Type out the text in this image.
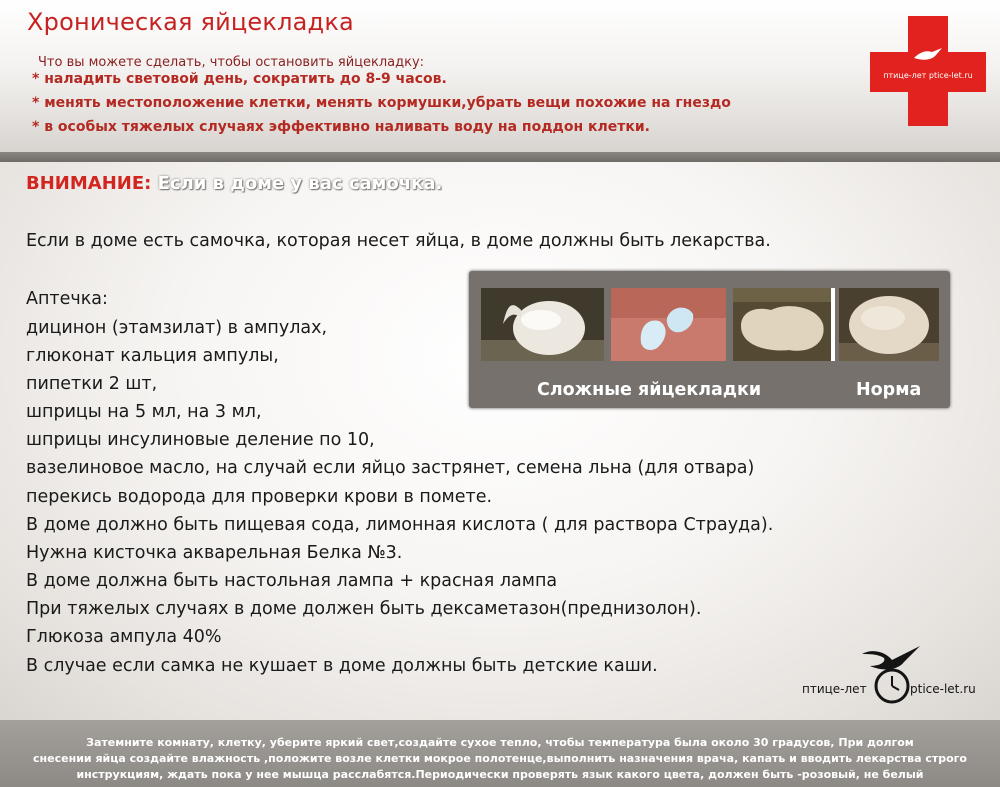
Хроническая яйцекладка
Что вы можете сделать, чтобы остановить яйцекладку:
* наладить световой день, сократить до 8-9 часов.
* менять местоположение клетки, менять кормушки,убрать вещи похожие на гнездо
* в особых тяжелых случаях эффективно наливать воду на поддон клетки.
птице-лет ptice-let.ru
ВНИМАНИЕ: Если в доме у вас самочка.
Если в доме есть самочка, которая несет яйца, в доме должны быть лекарства.
Аптечка:
дицинон (этамзилат) в ампулах,
глюконат кальция ампулы,
пипетки 2 шт,
шприцы на 5 мл, на 3 мл,
шприцы инсулиновые деление по 10,
вазелиновое масло, на случай если яйцо застрянет, семена льна (для отвара)
перекись водорода для проверки крови в помете.
В доме должно быть пищевая сода, лимонная кислота ( для раствора Страуда).
Нужна кисточка акварельная Белка №3.
В доме должна быть настольная лампа + красная лампа
При тяжелых случаях в доме должен быть дексаметазон(преднизолон).
Глюкоза ампула 40%
В случае если самка не кушает в доме должны быть детские каши.
Сложные яйцекладки	Норма
птице-лет	ptice-let.ru
Затемните комнату, клетку, уберите яркий свет,создайте сухое тепло, чтобы температура была около 30 градусов, При долгом
снесении яйца создайте влажность ,положите возле клетки мокрое полотенце,выполнить назначения врача, капать и вводить лекарства строго
инструкциям, ждать пока у нее мышца расслабятся.Периодически проверять язык какого цвета, должен быть -розовый, не белый
